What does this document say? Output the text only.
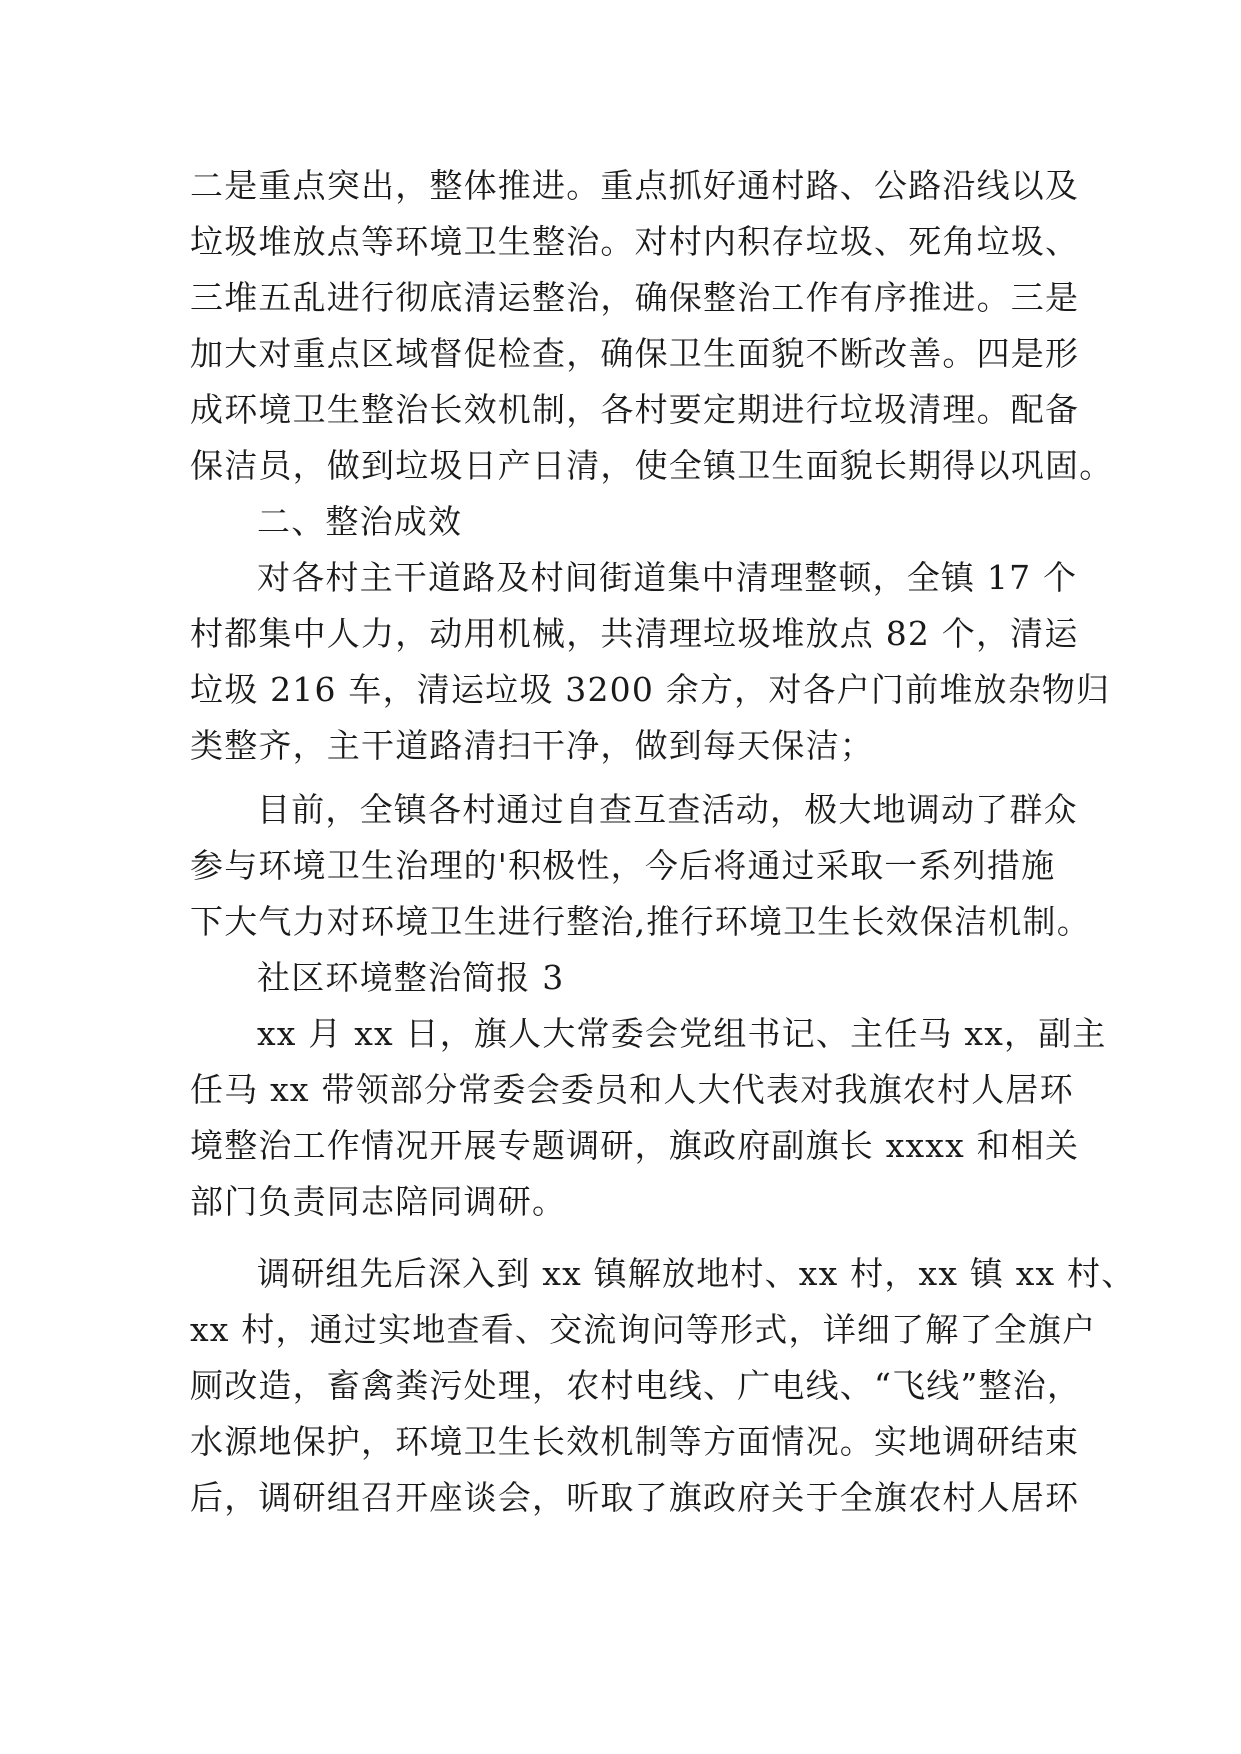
二是重点突出，整体推进。重点抓好通村路、公路沿线以及
垃圾堆放点等环境卫生整治。对村内积存垃圾、死角垃圾、
三堆五乱进行彻底清运整治，确保整治工作有序推进。三是
加大对重点区域督促检查，确保卫生面貌不断改善。四是形
成环境卫生整治长效机制，各村要定期进行垃圾清理。配备
保洁员，做到垃圾日产日清，使全镇卫生面貌长期得以巩固。
二、整治成效
对各村主干道路及村间街道集中清理整顿，全镇 17 个
村都集中人力，动用机械，共清理垃圾堆放点 82 个，清运
垃圾 216 车，清运垃圾 3200 余方，对各户门前堆放杂物归
类整齐，主干道路清扫干净，做到每天保洁；
目前，全镇各村通过自查互查活动，极大地调动了群众
参与环境卫生治理的'积极性，今后将通过采取一系列措施
下大气力对环境卫生进行整治,推行环境卫生长效保洁机制。
社区环境整治简报 3
xx 月 xx 日，旗人大常委会党组书记、主任马 xx，副主
任马 xx 带领部分常委会委员和人大代表对我旗农村人居环
境整治工作情况开展专题调研，旗政府副旗长 xxxx 和相关
部门负责同志陪同调研。
调研组先后深入到 xx 镇解放地村、xx 村，xx 镇 xx 村、
xx 村，通过实地查看、交流询问等形式，详细了解了全旗户
厕改造，畜禽粪污处理，农村电线、广电线、“飞线”整治，
水源地保护，环境卫生长效机制等方面情况。实地调研结束
后，调研组召开座谈会，听取了旗政府关于全旗农村人居环
